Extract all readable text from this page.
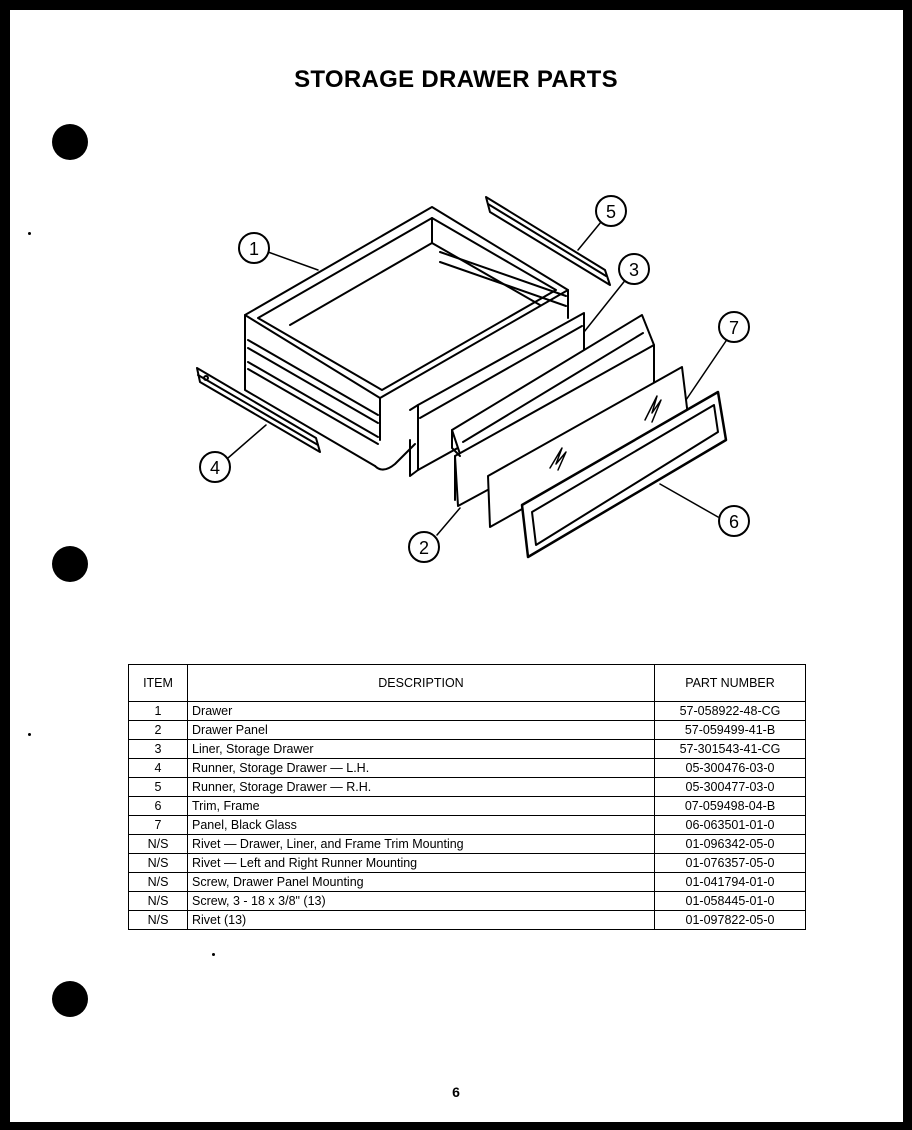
STORAGE DRAWER PARTS
1
2
3
4
5
6
7
ITEM	DESCRIPTION	PART NUMBER
1	Drawer	57-058922-48-CG
2	Drawer Panel	57-059499-41-B
3	Liner, Storage Drawer	57-301543-41-CG
4	Runner, Storage Drawer — L.H.	05-300476-03-0
5	Runner, Storage Drawer — R.H.	05-300477-03-0
6	Trim, Frame	07-059498-04-B
7	Panel, Black Glass	06-063501-01-0
N/S	Rivet — Drawer, Liner, and Frame Trim Mounting	01-096342-05-0
N/S	Rivet — Left and Right Runner Mounting	01-076357-05-0
N/S	Screw, Drawer Panel Mounting	01-041794-01-0
N/S	Screw, 3 - 18 x 3/8" (13)	01-058445-01-0
N/S	Rivet (13)	01-097822-05-0
6
